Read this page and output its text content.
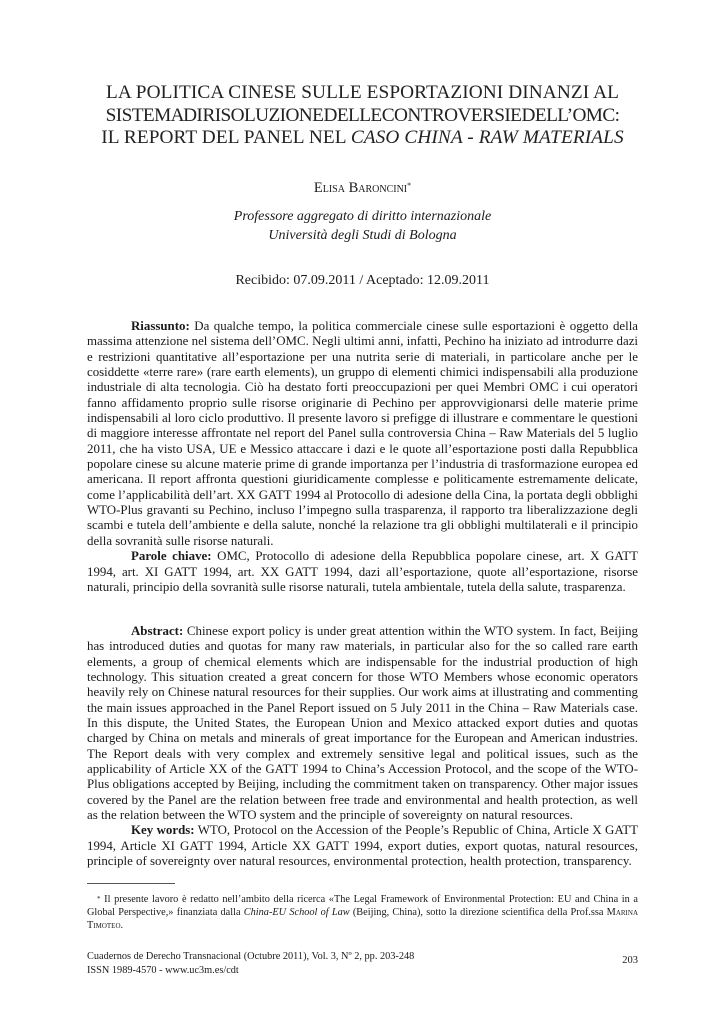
LA POLITICA CINESE SULLE ESPORTAZIONI DINANZI AL
SISTEMA DI RISOLUZIONE DELLE CONTROVERSIE DELL’OMC:
IL REPORT DEL PANEL NEL CASO CHINA - RAW MATERIALS
Elisa Baroncini*
Professore aggregato di diritto internazionale
Università degli Studi di Bologna
Recibido: 07.09.2011 / Aceptado: 12.09.2011

Riassunto: Da qualche tempo, la politica commerciale cinese sulle esportazioni è oggetto della massima attenzione nel sistema dell’OMC. Negli ultimi anni, infatti, Pechino ha iniziato ad introdurre dazi e restrizioni quantitative all’esportazione per una nutrita serie di materiali, in particolare anche per le cosiddette «terre rare» (rare earth elements), un gruppo di elementi chimici indispensabili alla produzione industriale di alta tecnologia. Ciò ha destato forti preoccupazioni per quei Membri OMC i cui operatori fanno affidamento proprio sulle risorse originarie di Pechino per approvvigionarsi delle materie prime indispensabili al loro ciclo produttivo. Il presente lavoro si prefigge di illustrare e commentare le questioni di maggiore interesse affrontate nel report del Panel sulla controversia China – Raw Materials del 5 luglio 2011, che ha visto USA, UE e Messico attaccare i dazi e le quote all’esportazione posti dalla Repubblica popolare cinese su alcune materie prime di grande importanza per l’industria di trasformazione europea ed americana. Il report affronta questioni giuridicamente complesse e politicamente estremamente delicate, come l’applicabilità dell’art. XX GATT 1994 al Protocollo di adesione della Cina, la portata degli obblighi WTO-Plus gravanti su Pechino, incluso l’impegno sulla trasparenza, il rapporto tra liberalizzazione degli scambi e tutela dell’ambiente e della salute, nonché la relazione tra gli obblighi multilaterali e il principio della sovranità sulle risorse naturali.

Parole chiave: OMC, Protocollo di adesione della Repubblica popolare cinese, art. X GATT 1994, art. XI GATT 1994, art. XX GATT 1994, dazi all’esportazione, quote all’esportazione, risorse naturali, principio della sovranità sulle risorse naturali, tutela ambientale, tutela della salute, trasparenza.

Abstract: Chinese export policy is under great attention within the WTO system. In fact, Beijing has introduced duties and quotas for many raw materials, in particular also for the so called rare earth elements, a group of chemical elements which are indispensable for the industrial production of high technology. This situation created a great concern for those WTO Members whose economic operators heavily rely on Chinese natural resources for their supplies. Our work aims at illustrating and commenting the main issues approached in the Panel Report issued on 5 July 2011 in the China – Raw Materials case. In this dispute, the United States, the European Union and Mexico attacked export duties and quotas charged by China on metals and minerals of great importance for the European and American industries. The Report deals with very complex and extremely sensitive legal and political issues, such as the applicability of Article XX of the GATT 1994 to China’s Accession Protocol, and the scope of the WTO-Plus obligations accepted by Beijing, including the commitment taken on transparency. Other major issues covered by the Panel are the relation between free trade and environmental and health protection, as well as the relation between the WTO system and the principle of sovereignty on natural resources.

Key words: WTO, Protocol on the Accession of the People’s Republic of China, Article X GATT 1994, Article XI GATT 1994, Article XX GATT 1994, export duties, export quotas, natural resources, principle of sovereignty over natural resources, environmental protection, health protection, transparency.

* Il presente lavoro è redatto nell’ambito della ricerca «The Legal Framework of Environmental Protection: EU and China in a Global Perspective,» finanziata dalla China-EU School of Law (Beijing, China), sotto la direzione scientifica della Prof.ssa Marina Timoteo.

Cuadernos de Derecho Transnacional (Octubre 2011), Vol. 3, Nº 2, pp. 203-248
ISSN 1989-4570 - www.uc3m.es/cdt
203
